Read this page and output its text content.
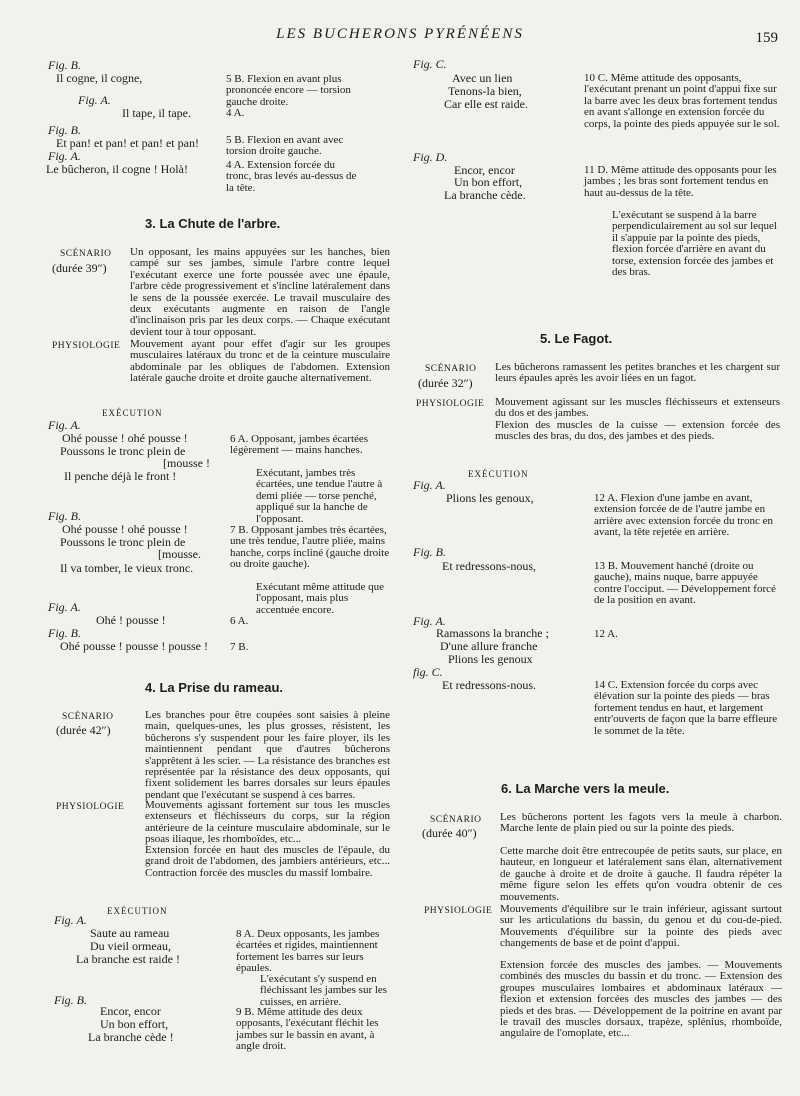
LES BUCHERONS PYRÉNÉENS	159
Fig. B.
Il cogne, il cogne,
Fig. A.
Il tape, il tape.
Fig. B.
Et pan! et pan! et pan! et pan!
Fig. A.
Le bûcheron, il cogne ! Holà!
5 B. Flexion en avant plus prononcée encore — torsion gauche droite.
4 A.
5 B. Flexion en avant avec torsion droite gauche.
4 A. Extension forcée du tronc, bras levés au-dessus de la tête.
3. La Chute de l'arbre.
SCÉNARIO
(durée 39″)
Un opposant, les mains appuyées sur les hanches, bien campé sur ses jambes, simule l'arbre contre lequel l'exécutant exerce une forte poussée avec une épaule, l'arbre cède progressivement et s'incline latéralement dans le sens de la poussée exercée. Le travail musculaire des deux exécutants augmente en raison de l'angle d'inclinaison pris par les deux corps. — Chaque exécutant devient tour à tour opposant.
PHYSIOLOGIE Mouvement ayant pour effet d'agir sur les groupes musculaires latéraux du tronc et de la ceinture musculaire abdominale par les obliques de l'abdomen. Extension latérale gauche droite et droite gauche alternativement.
EXÉCUTION
Fig. A.
Ohé pousse ! ohé pousse !
Poussons le tronc plein de
[mousse !
Il penche déjà le front !
Fig. B.
Ohé pousse ! ohé pousse !
Poussons le tronc plein de
[mousse.
Il va tomber, le vieux tronc.
Fig. A.
Ohé ! pousse !
Fig. B.
Ohé pousse ! pousse ! pousse !
6 A. Opposant, jambes écartées légèrement — mains hanches.
Exécutant, jambes très écartées, une tendue l'autre à demi pliée — torse penché, appliqué sur la hanche de l'opposant.
7 B. Opposant jambes très écartées, une très tendue, l'autre pliée, mains hanche, corps incliné (gauche droite ou droite gauche).
Exécutant même attitude que l'opposant, mais plus accentuée encore.
6 A.
7 B.
4. La Prise du rameau.
SCÉNARIO
(durée 42″)
Les branches pour être coupées sont saisies à pleine main, quelques-unes, les plus grosses, résistent, les bûcherons s'y suspendent pour les faire ployer, ils les maintiennent pendant que d'autres bûcherons s'apprêtent à les scier. — La résistance des branches est représentée par la résistance des deux opposants, qui fixent solidement les barres dorsales sur leurs épaules pendant que l'exécutant se suspend à ces barres.
PHYSIOLOGIE Mouvements agissant fortement sur tous les muscles extenseurs et fléchisseurs du corps, sur la région antérieure de la ceinture musculaire abdominale, sur le psoas iliaque, les rhomboïdes, etc...
Extension forcée en haut des muscles de l'épaule, du grand droit de l'abdomen, des jambiers antérieurs, etc... Contraction forcée des muscles du massif lombaire.
EXÉCUTION
Fig. A.
Saute au rameau
Du vieil ormeau,
La branche est raide !
Fig. B.
Encor, encor
Un bon effort,
La branche cède !
8 A. Deux opposants, les jambes écartées et rigides, maintiennent fortement les barres sur leurs épaules.
L'exécutant s'y suspend en fléchissant les jambes sur les cuisses, en arrière.
9 B. Même attitude des deux opposants, l'exécutant fléchit les jambes sur le bassin en avant, à angle droit.
Fig. C.
Avec un lien
Tenons-la bien,
Car elle est raide.
Fig. D.
Encor, encor
Un bon effort,
La branche cède.
10 C. Même attitude des opposants, l'exécutant prenant un point d'appui fixe sur la barre avec les deux bras fortement tendus en avant s'allonge en extension forcée du corps, la pointe des pieds appuyée sur le sol.
11 D. Même attitude des opposants pour les jambes ; les bras sont fortement tendus en haut au-dessus de la tête.
L'exécutant se suspend à la barre perpendiculairement au sol sur lequel il s'appuie par la pointe des pieds, flexion forcée d'arrière en avant du torse, extension forcée des jambes et des bras.
5. Le Fagot.
SCÉNARIO
(durée 32″)
Les bûcherons ramassent les petites branches et les chargent sur leurs épaules après les avoir liées en un fagot.
PHYSIOLOGIE Mouvement agissant sur les muscles fléchisseurs et extenseurs du dos et des jambes.
Flexion des muscles de la cuisse — extension forcée des muscles des bras, du dos, des jambes et des pieds.
EXÉCUTION
Fig. A.
Plions les genoux,
Fig. B.
Et redressons-nous,
Fig. A.
Ramassons la branche ;
D'une allure franche
Plions les genoux
fig. C.
Et redressons-nous.
12 A. Flexion d'une jambe en avant, extension forcée de de l'autre jambe en arrière avec extension forcée du tronc en avant, la tête rejetée en arrière.
13 B. Mouvement hanché (droite ou gauche), mains nuque, barre appuyée contre l'occiput. — Développement forcé de la position en avant.
12 A.
14 C. Extension forcée du corps avec élévation sur la pointe des pieds — bras fortement tendus en haut, et largement entr'ouverts de façon que la barre effleure le sommet de la tête.
6. La Marche vers la meule.
SCÉNARIO
(durée 40″)
Les bûcherons portent les fagots vers la meule à charbon. Marche lente de plain pied ou sur la pointe des pieds.
Cette marche doit être entrecoupée de petits sauts, sur place, en hauteur, en longueur et latéralement sans élan, alternativement de gauche à droite et de droite à gauche. Il faudra répéter la même figure selon les effets qu'on voudra obtenir de ces mouvements.
PHYSIOLOGIE Mouvements d'équilibre sur le train inférieur, agissant surtout sur les articulations du bassin, du genou et du cou-de-pied. Mouvements d'équilibre sur la pointe des pieds avec changements de base et de point d'appui.
Extension forcée des muscles des jambes. — Mouvements combinés des muscles du bassin et du tronc. — Extension des groupes musculaires lombaires et abdominaux latéraux — flexion et extension forcées des muscles des jambes — des pieds et des bras. — Développement de la poitrine en avant par le travail des muscles dorsaux, trapèze, splénius, rhomboïde, angulaire de l'omoplate, etc...
